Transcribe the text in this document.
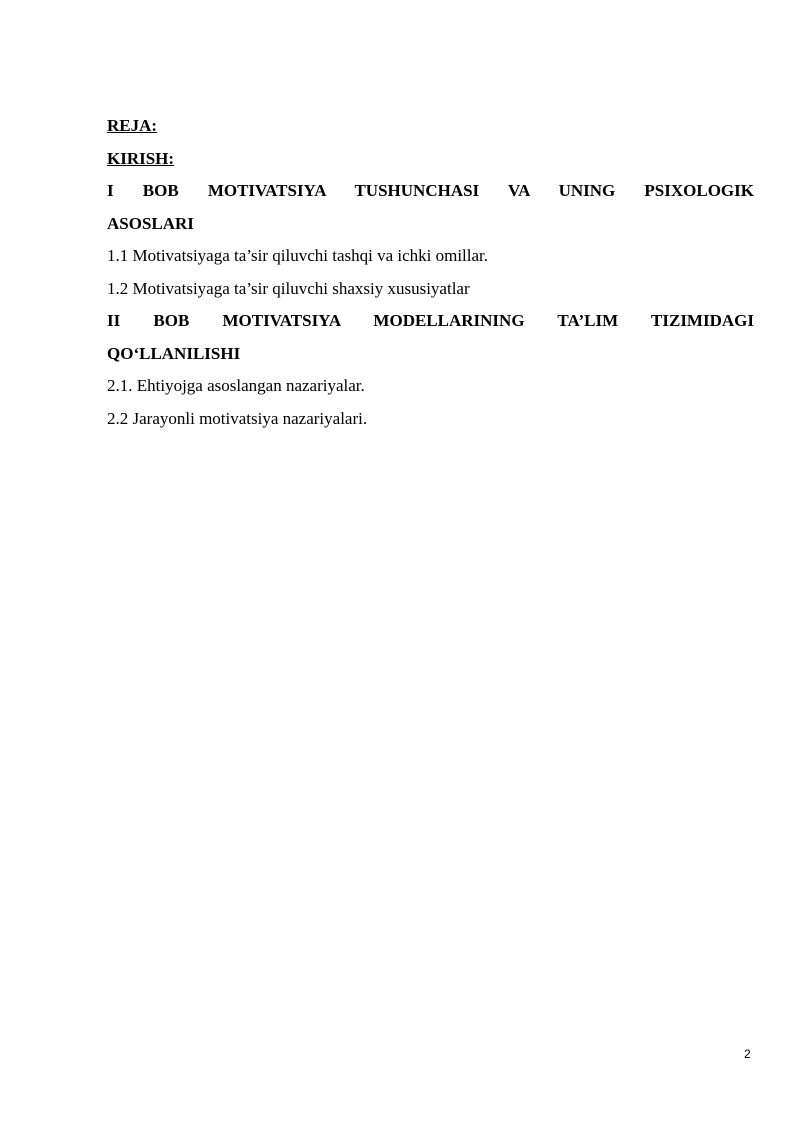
REJA:
KIRISH:
I BOB MOTIVATSIYA TUSHUNCHASI VA UNING PSIXOLOGIK
ASOSLARI
1.1 Motivatsiyaga ta’sir qiluvchi tashqi va ichki omillar.
1.2 Motivatsiyaga ta’sir qiluvchi shaxsiy xususiyatlar
II BOB MOTIVATSIYA MODELLARINING TA’LIM TIZIMIDAGI
QO‘LLANILISHI
2.1. Ehtiyojga asoslangan nazariyalar.
2.2 Jarayonli motivatsiya nazariyalari.
2
